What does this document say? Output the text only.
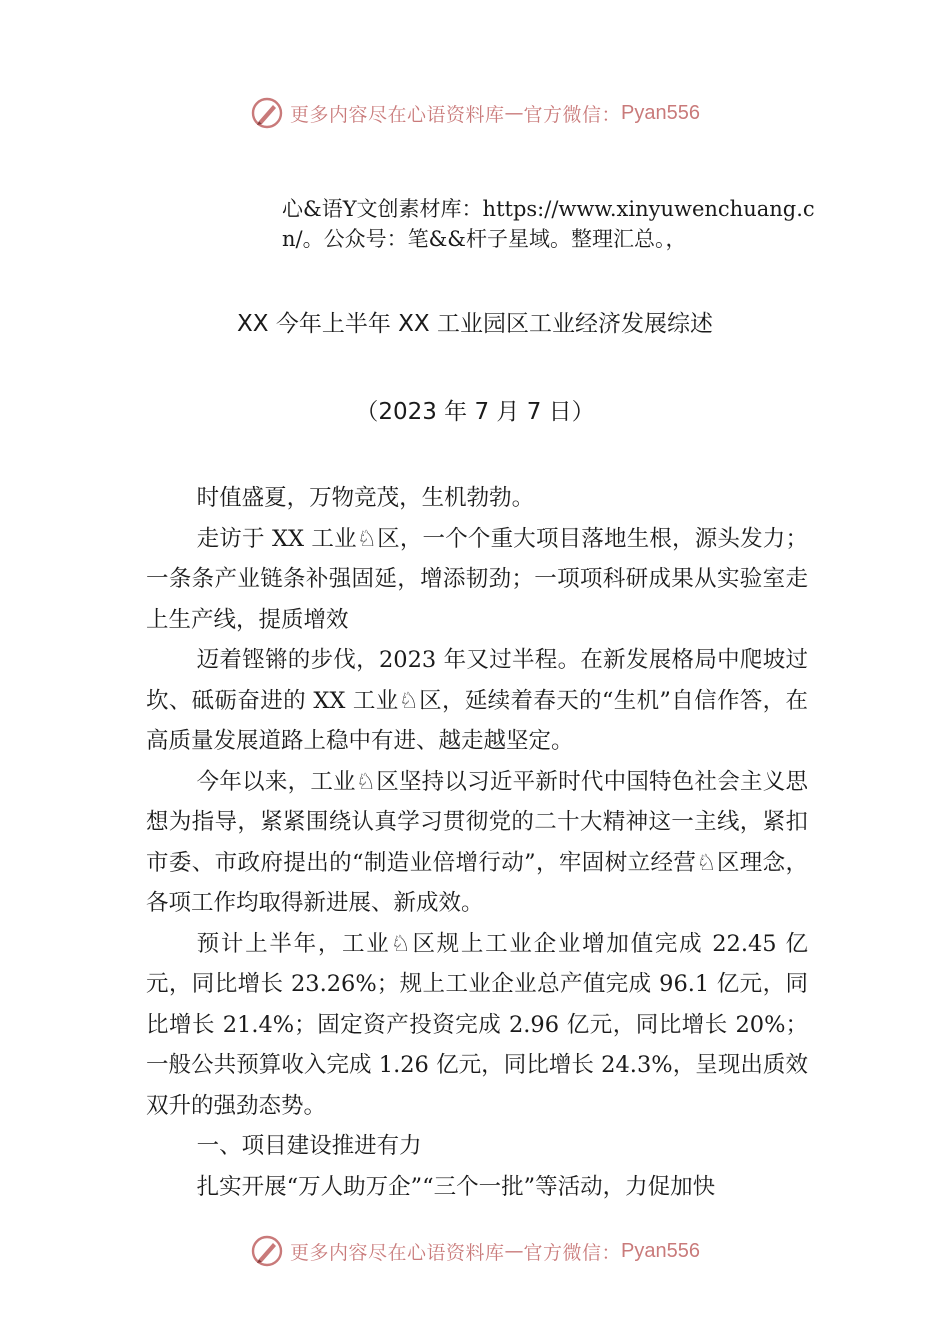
更多内容尽在心语资料库 — 官方微信： Pyan556
心&语Y文创素材库：https://www.xinyuwenchuang.cn/。公众号：笔&&杆子星域。整理汇总。，
XX 今年上半年 XX 工业园区工业经济发展综述
（2023 年 7 月 7 日）

时值盛夏，万物竞茂，生机勃勃。

走访于 XX 工业♘区，一个个重大项目落地生根，源头发力；一条条产业链条补强固延，增添韧劲；一项项科研成果从实验室走上生产线，提质增效

迈着铿锵的步伐，2023 年又过半程。在新发展格局中爬坡过坎、砥砺奋进的 XX 工业♘区，延续着春天的“生机”自信作答，在高质量发展道路上稳中有进、越走越坚定。

今年以来，工业♘区坚持以习近平新时代中国特色社会主义思想为指导，紧紧围绕认真学习贯彻党的二十大精神这一主线，紧扣市委、市政府提出的“制造业倍增行动”，牢固树立经营♘区理念，各项工作均取得新进展、新成效。

预计上半年，工业♘区规上工业企业增加值完成 22.45 亿元，同比增长 23.26%；规上工业企业总产值完成 96.1 亿元，同比增长 21.4%；固定资产投资完成 2.96 亿元，同比增长 20%；一般公共预算收入完成 1.26 亿元，同比增长 24.3%，呈现出质效双升的强劲态势。

一、项目建设推进有力

扎实开展“万人助万企”“三个一批”等活动，力促加快

更多内容尽在心语资料库 — 官方微信： Pyan556
